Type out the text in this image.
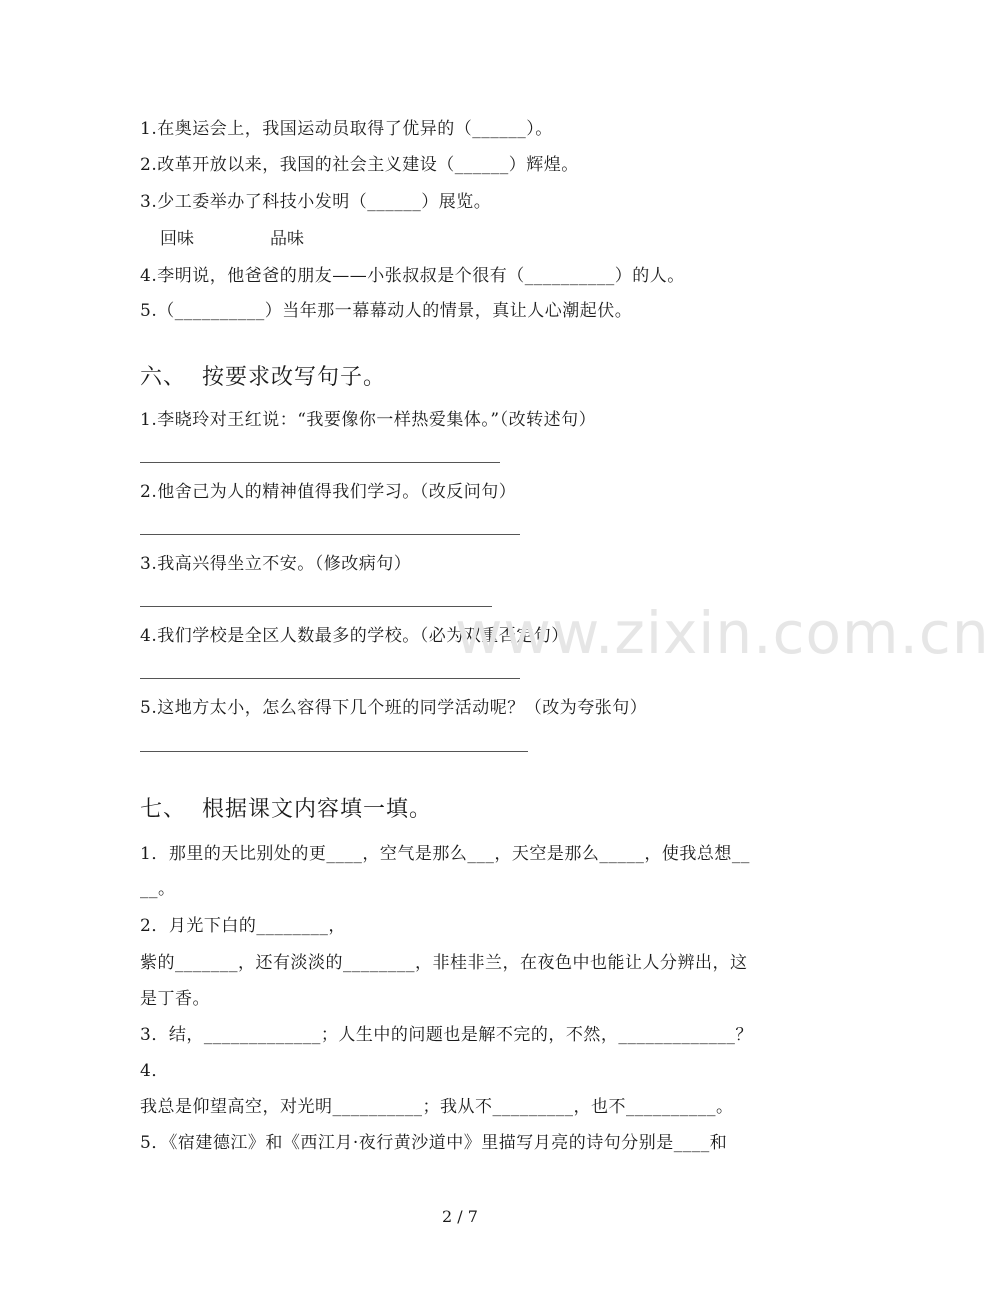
1.在奥运会上，我国运动员取得了优异的（______）。
2.改革开放以来，我国的社会主义建设（______）辉煌。
3.少工委举办了科技小发明（______）展览。
回味	品味
4.李明说，他爸爸的朋友——小张叔叔是个很有（__________）的人。
5.（__________）当年那一幕幕动人的情景，真让人心潮起伏。
六、  按要求改写句子。
1.李晓玲对王红说：“我要像你一样热爱集体。”（改转述句）
2.他舍己为人的精神值得我们学习。（改反问句）
3.我高兴得坐立不安。（修改病句）
4.我们学校是全区人数最多的学校。（必为双重否定句）
5.这地方太小，怎么容得下几个班的同学活动呢？（改为夸张句）
www.zixin.com.cn
七、  根据课文内容填一填。
1．那里的天比别处的更____，空气是那么___，天空是那么_____，使我总想__
__。
2．月光下白的________，
紫的_______，还有淡淡的________，非桂非兰，在夜色中也能让人分辨出，这
是丁香。
3．结，_____________；人生中的问题也是解不完的，不然，_____________？
4．
我总是仰望高空，对光明__________；我从不_________，也不__________。
5．《宿建德江》和《西江月·夜行黄沙道中》里描写月亮的诗句分别是____和
2 / 7
